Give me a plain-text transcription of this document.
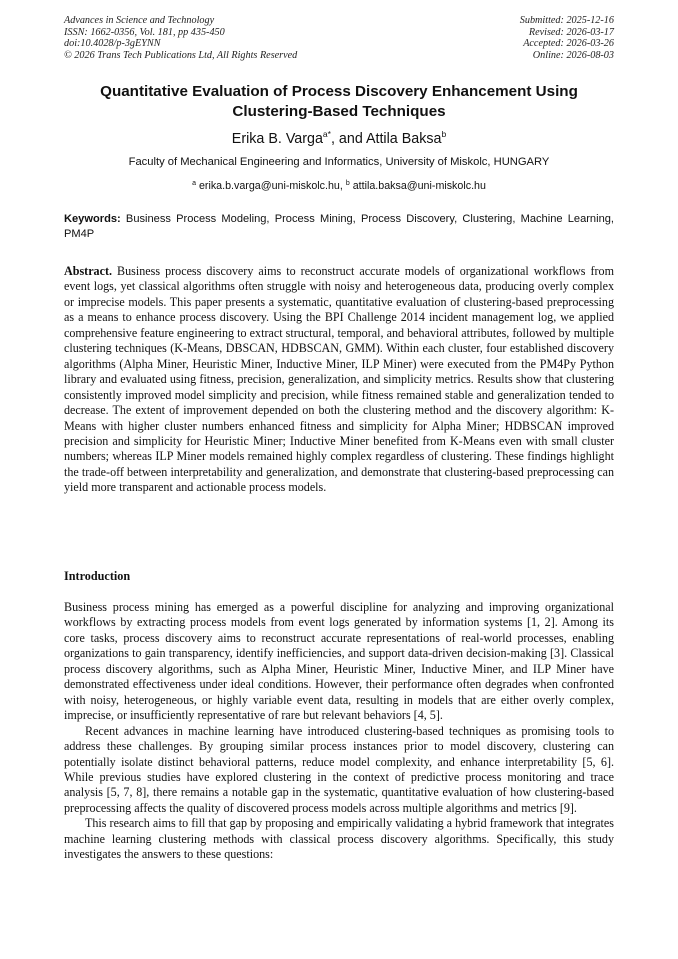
Advances in Science and Technology
ISSN: 1662-0356, Vol. 181, pp 435-450
doi:10.4028/p-3gEYNN
© 2026 Trans Tech Publications Ltd, All Rights Reserved
Submitted: 2025-12-16
Revised: 2026-03-17
Accepted: 2026-03-26
Online: 2026-08-03
Quantitative Evaluation of Process Discovery Enhancement Using
Clustering-Based Techniques
Erika B. Varga$^{a*}$, and Attila Baksa$^b$
Faculty of Mechanical Engineering and Informatics, University of Miskolc, HUNGARY
$^a$ erika.b.varga@uni-miskolc.hu, $^b$ attila.baksa@uni-miskolc.hu
Keywords: Business Process Modeling, Process Mining, Process Discovery, Clustering, Machine Learning, PM4P
Abstract. Business process discovery aims to reconstruct accurate models of organizational workflows from event logs, yet classical algorithms often struggle with noisy and heterogeneous data, producing overly complex or imprecise models. This paper presents a systematic, quantitative evaluation of clustering-based preprocessing as a means to enhance process discovery. Using the BPI Challenge 2014 incident management log, we applied comprehensive feature engineering to extract structural, temporal, and behavioral attributes, followed by multiple clustering techniques (K-Means, DBSCAN, HDBSCAN, GMM). Within each cluster, four established discovery algorithms (Alpha Miner, Heuristic Miner, Inductive Miner, ILP Miner) were executed from the PM4Py Python library and evaluated using fitness, precision, generalization, and simplicity metrics. Results show that clustering consistently improved model simplicity and precision, while fitness remained stable and generalization tended to decrease. The extent of improvement depended on both the clustering method and the discovery algorithm: K-Means with higher cluster numbers enhanced fitness and simplicity for Alpha Miner; HDBSCAN improved precision and simplicity for Heuristic Miner; Inductive Miner benefited from K-Means even with small cluster numbers; whereas ILP Miner models remained highly complex regardless of clustering. These findings highlight the trade-off between interpretability and generalization, and demonstrate that clustering-based preprocessing can yield more transparent and actionable process models.
Introduction

Business process mining has emerged as a powerful discipline for analyzing and improving organizational workflows by extracting process models from event logs generated by information systems [1, 2]. Among its core tasks, process discovery aims to reconstruct accurate representations of real-world processes, enabling organizations to gain transparency, identify inefficiencies, and support data-driven decision-making [3]. Classical process discovery algorithms, such as Alpha Miner, Heuristic Miner, Inductive Miner, and ILP Miner have demonstrated effectiveness under ideal conditions. However, their performance often degrades when confronted with noisy, heterogeneous, or highly variable event data, resulting in models that are either overly complex, imprecise, or insufficiently representative of rare but relevant behaviors [4, 5].

Recent advances in machine learning have introduced clustering-based techniques as promising tools to address these challenges. By grouping similar process instances prior to model discovery, clustering can potentially isolate distinct behavioral patterns, reduce model complexity, and enhance interpretability [5, 6]. While previous studies have explored clustering in the context of predictive process monitoring and trace analysis [5, 7, 8], there remains a notable gap in the systematic, quantitative evaluation of how clustering-based preprocessing affects the quality of discovered process models across multiple algorithms and metrics [9].

This research aims to fill that gap by proposing and empirically validating a hybrid framework that integrates machine learning clustering methods with classical process discovery algorithms. Specifically, this study investigates the answers to these questions:
